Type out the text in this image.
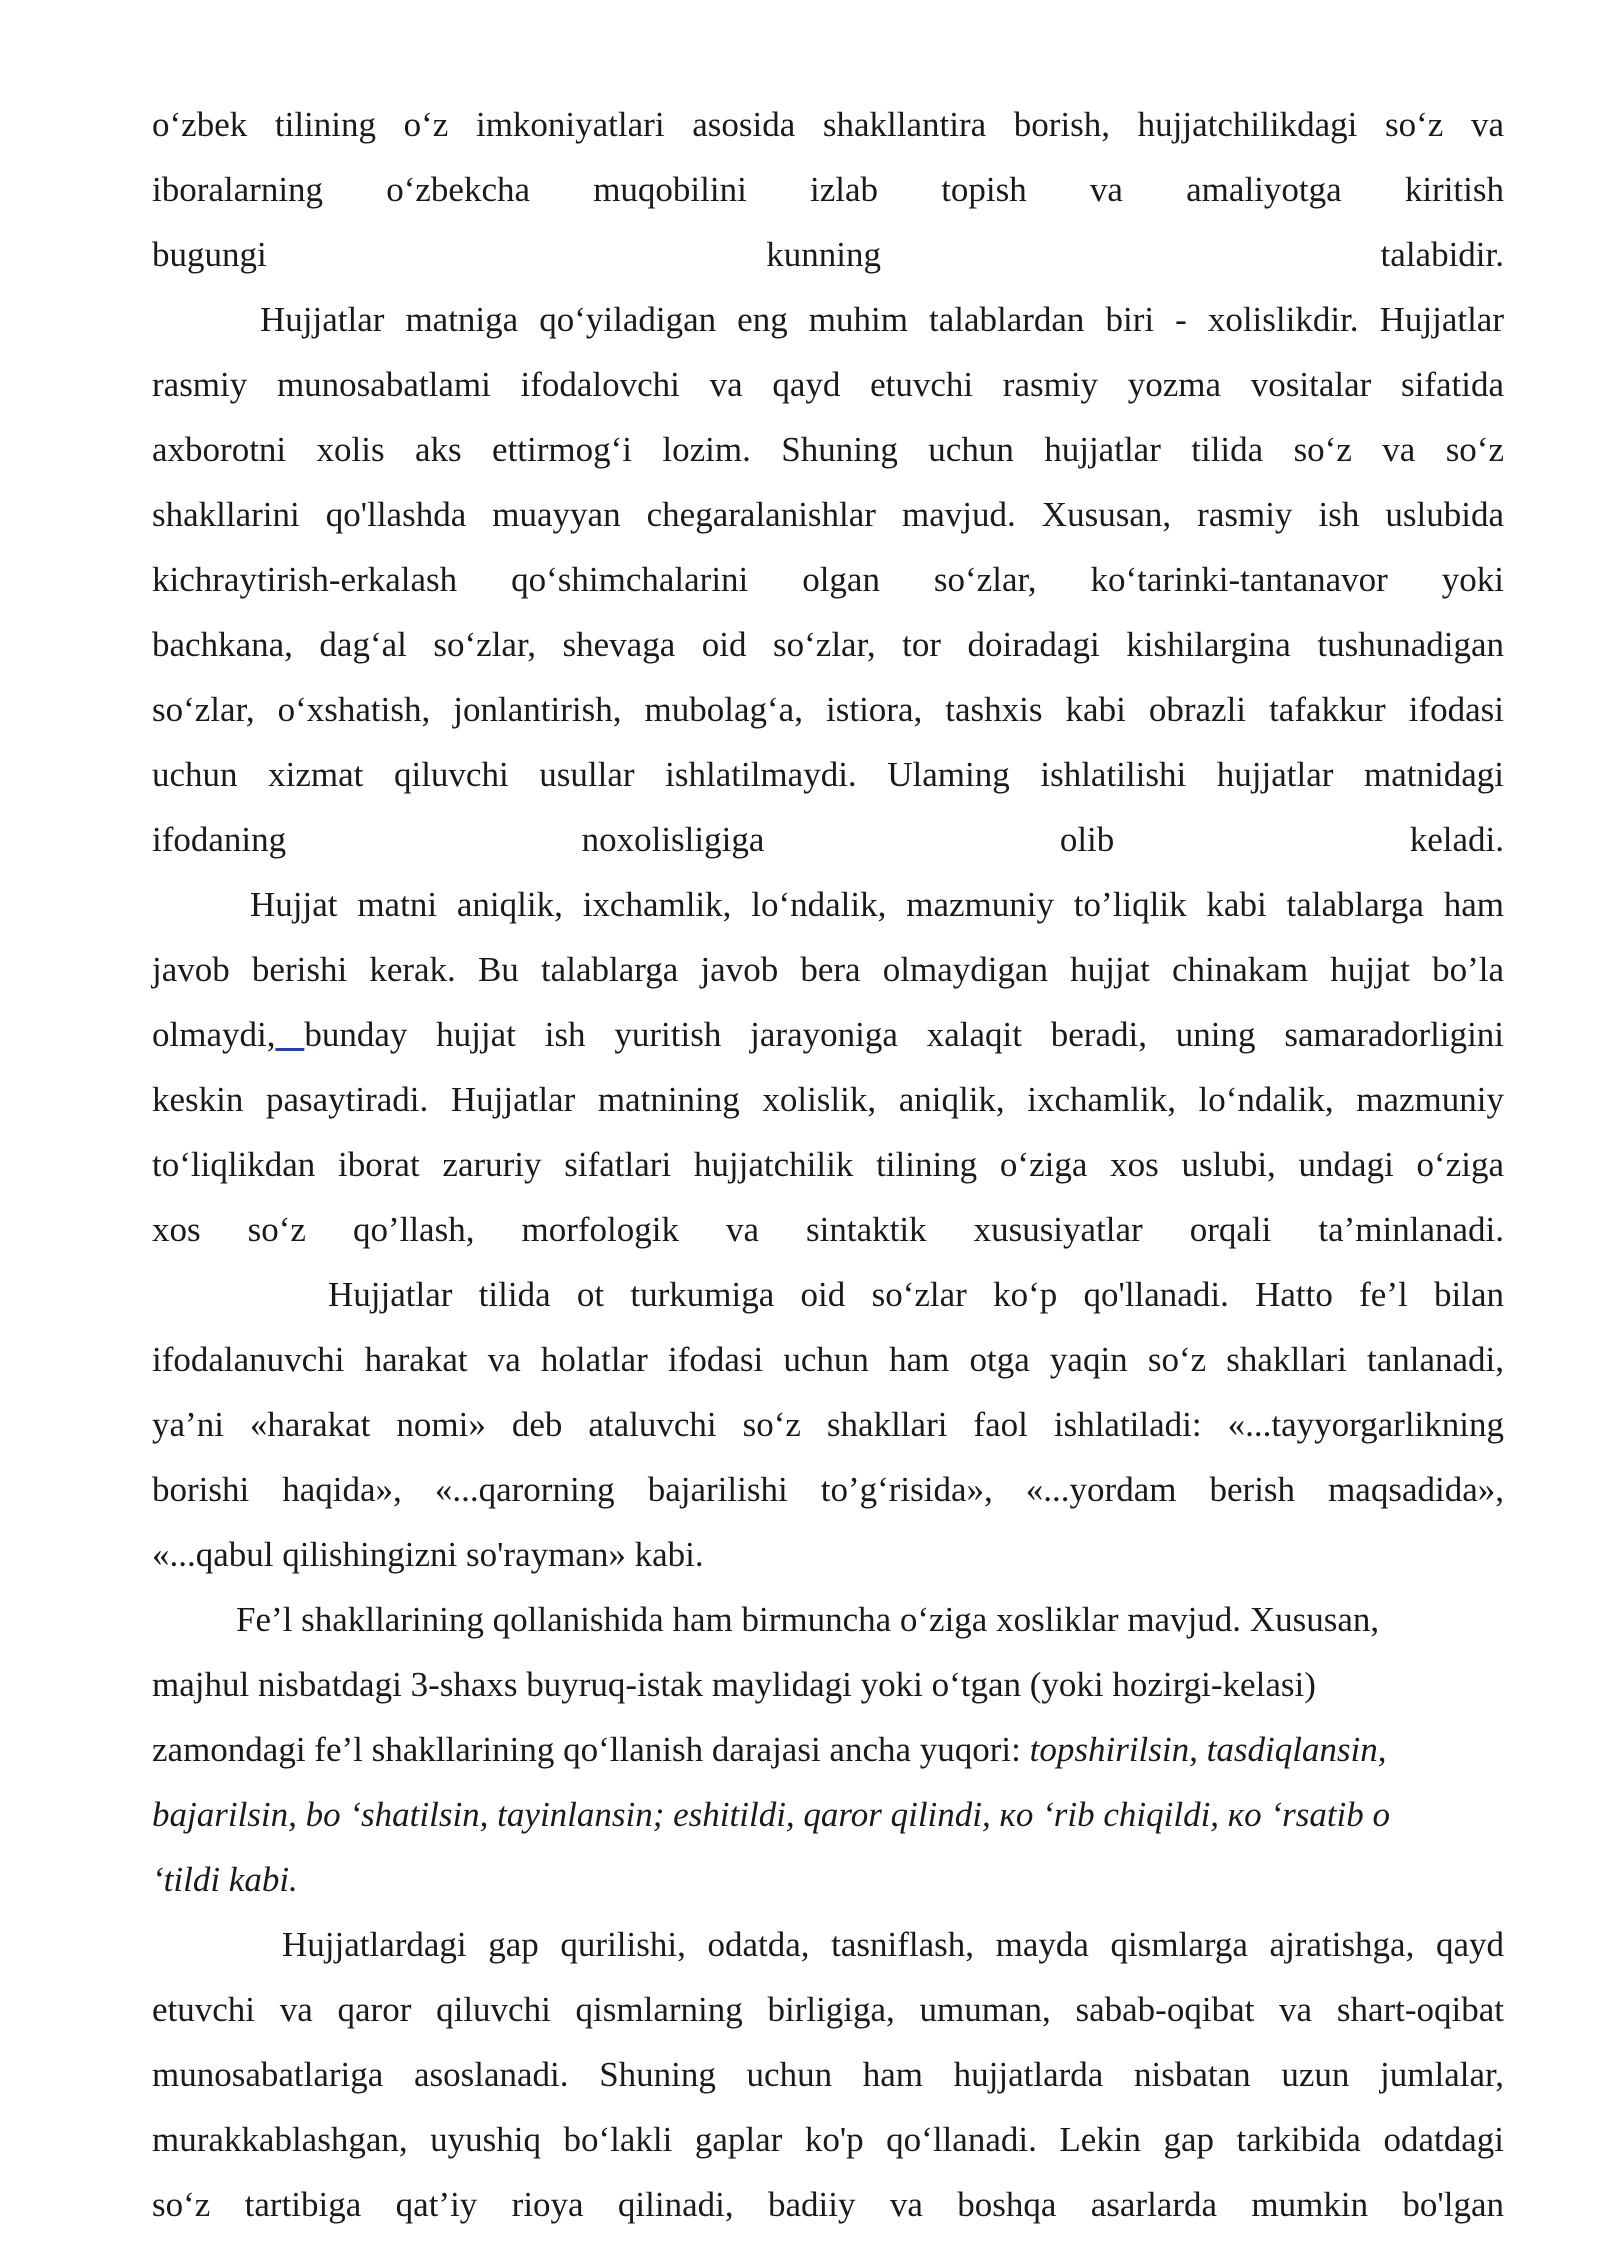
o‘zbek tilining o‘z imkoniyatlari asosida shakllantira borish, hujjatchilikdagi so‘z va
iboralarning o‘zbekcha muqobilini izlab topish va amaliyotga kiritish
bugungi kunning talabidir.
Hujjatlar matniga qo‘yiladigan eng muhim talablardan biri - xolislikdir. Hujjatlar
rasmiy munosabatlami ifodalovchi va qayd etuvchi rasmiy yozma vositalar sifatida
axborotni xolis aks ettirmog‘i lozim. Shuning uchun hujjatlar tilida so‘z va so‘z
shakllarini qo'llashda muayyan chegaralanishlar mavjud. Xususan, rasmiy ish uslubida
kichraytirish-erkalash qo‘shimchalarini olgan so‘zlar, ko‘tarinki-tantanavor yoki
bachkana, dag‘al so‘zlar, shevaga oid so‘zlar, tor doiradagi kishilargina tushunadigan
so‘zlar, o‘xshatish, jonlantirish, mubolag‘a, istiora, tashxis kabi obrazli tafakkur ifodasi
uchun xizmat qiluvchi usullar ishlatilmaydi. Ulaming ishlatilishi hujjatlar matnidagi
ifodaning noxolisligiga olib keladi.
Hujjat matni aniqlik, ixchamlik, lo‘ndalik, mazmuniy to’liqlik kabi talablarga ham
javob berishi kerak. Bu talablarga javob bera olmaydigan hujjat chinakam hujjat bo’la
olmaydi, bunday hujjat ish yuritish jarayoniga xalaqit beradi, uning samaradorligini
keskin pasaytiradi. Hujjatlar matnining xolislik, aniqlik, ixchamlik, lo‘ndalik, mazmuniy
to‘liqlikdan iborat zaruriy sifatlari hujjatchilik tilining o‘ziga xos uslubi, undagi o‘ziga
xos so‘z qo’llash, morfologik va sintaktik xususiyatlar orqali ta’minlanadi.
Hujjatlar tilida ot turkumiga oid so‘zlar ko‘p qo'llanadi. Hatto fe’l bilan
ifodalanuvchi harakat va holatlar ifodasi uchun ham otga yaqin so‘z shakllari tanlanadi,
ya’ni «harakat nomi» deb ataluvchi so‘z shakllari faol ishlatiladi: «...tayyorgarlikning
borishi haqida», «...qarorning bajarilishi to’g‘risida», «...yordam berish maqsadida»,
«...qabul qilishingizni so'rayman» kabi.
Fe’l shakllarining qollanishida ham birmuncha o‘ziga xosliklar mavjud. Xususan,
majhul nisbatdagi 3-shaxs buyruq-istak maylidagi yoki o‘tgan (yoki hozirgi-kelasi)
zamondagi fe’l shakllarining qo‘llanish darajasi ancha yuqori: topshirilsin, tasdiqlansin,
bajarilsin, bo ‘shatilsin, tayinlansin; eshitildi, qaror qilindi, кo ‘rib chiqildi, кo ‘rsatib o
‘tildi kabi.
Hujjatlardagi gap qurilishi, odatda, tasniflash, mayda qismlarga ajratishga, qayd
etuvchi va qaror qiluvchi qismlarning birligiga, umuman, sabab-oqibat va shart-oqibat
munosabatlariga asoslanadi. Shuning uchun ham hujjatlarda nisbatan uzun jumlalar,
murakkablashgan, uyushiq bo‘lakli gaplar ko'p qo‘llanadi. Lekin gap tarkibida odatdagi
so‘z tartibiga qat’iy rioya qilinadi, badiiy va boshqa asarlarda mumkin bo'lgan
